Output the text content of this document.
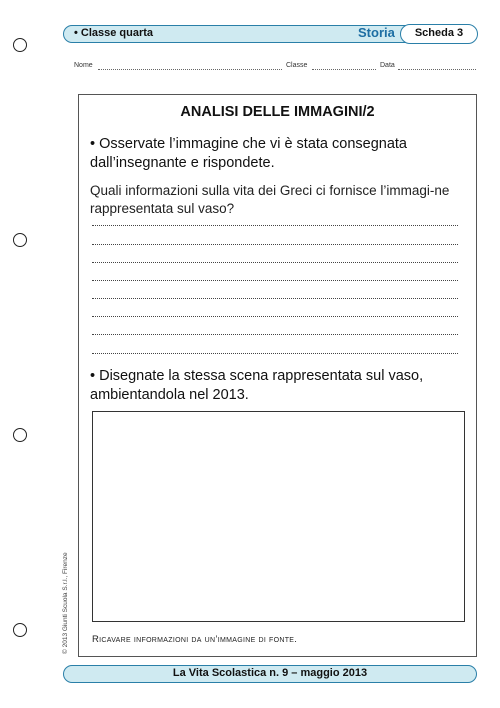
• Classe quarta	Storia	Scheda 3
Nome	Classe	Data
ANALISI DELLE IMMAGINI/2
• Osservate l’immagine che vi è stata consegnata dall’insegnante e rispondete.
Quali informazioni sulla vita dei Greci ci fornisce l’immagi-ne rappresentata sul vaso?
• Disegnate la stessa scena rappresentata sul vaso, ambientandola nel 2013.
Ricavare informazioni da un’immagine di fonte.
© 2013 Giunti Scuola S.r.l., Firenze
La Vita Scolastica n. 9 – maggio 2013
